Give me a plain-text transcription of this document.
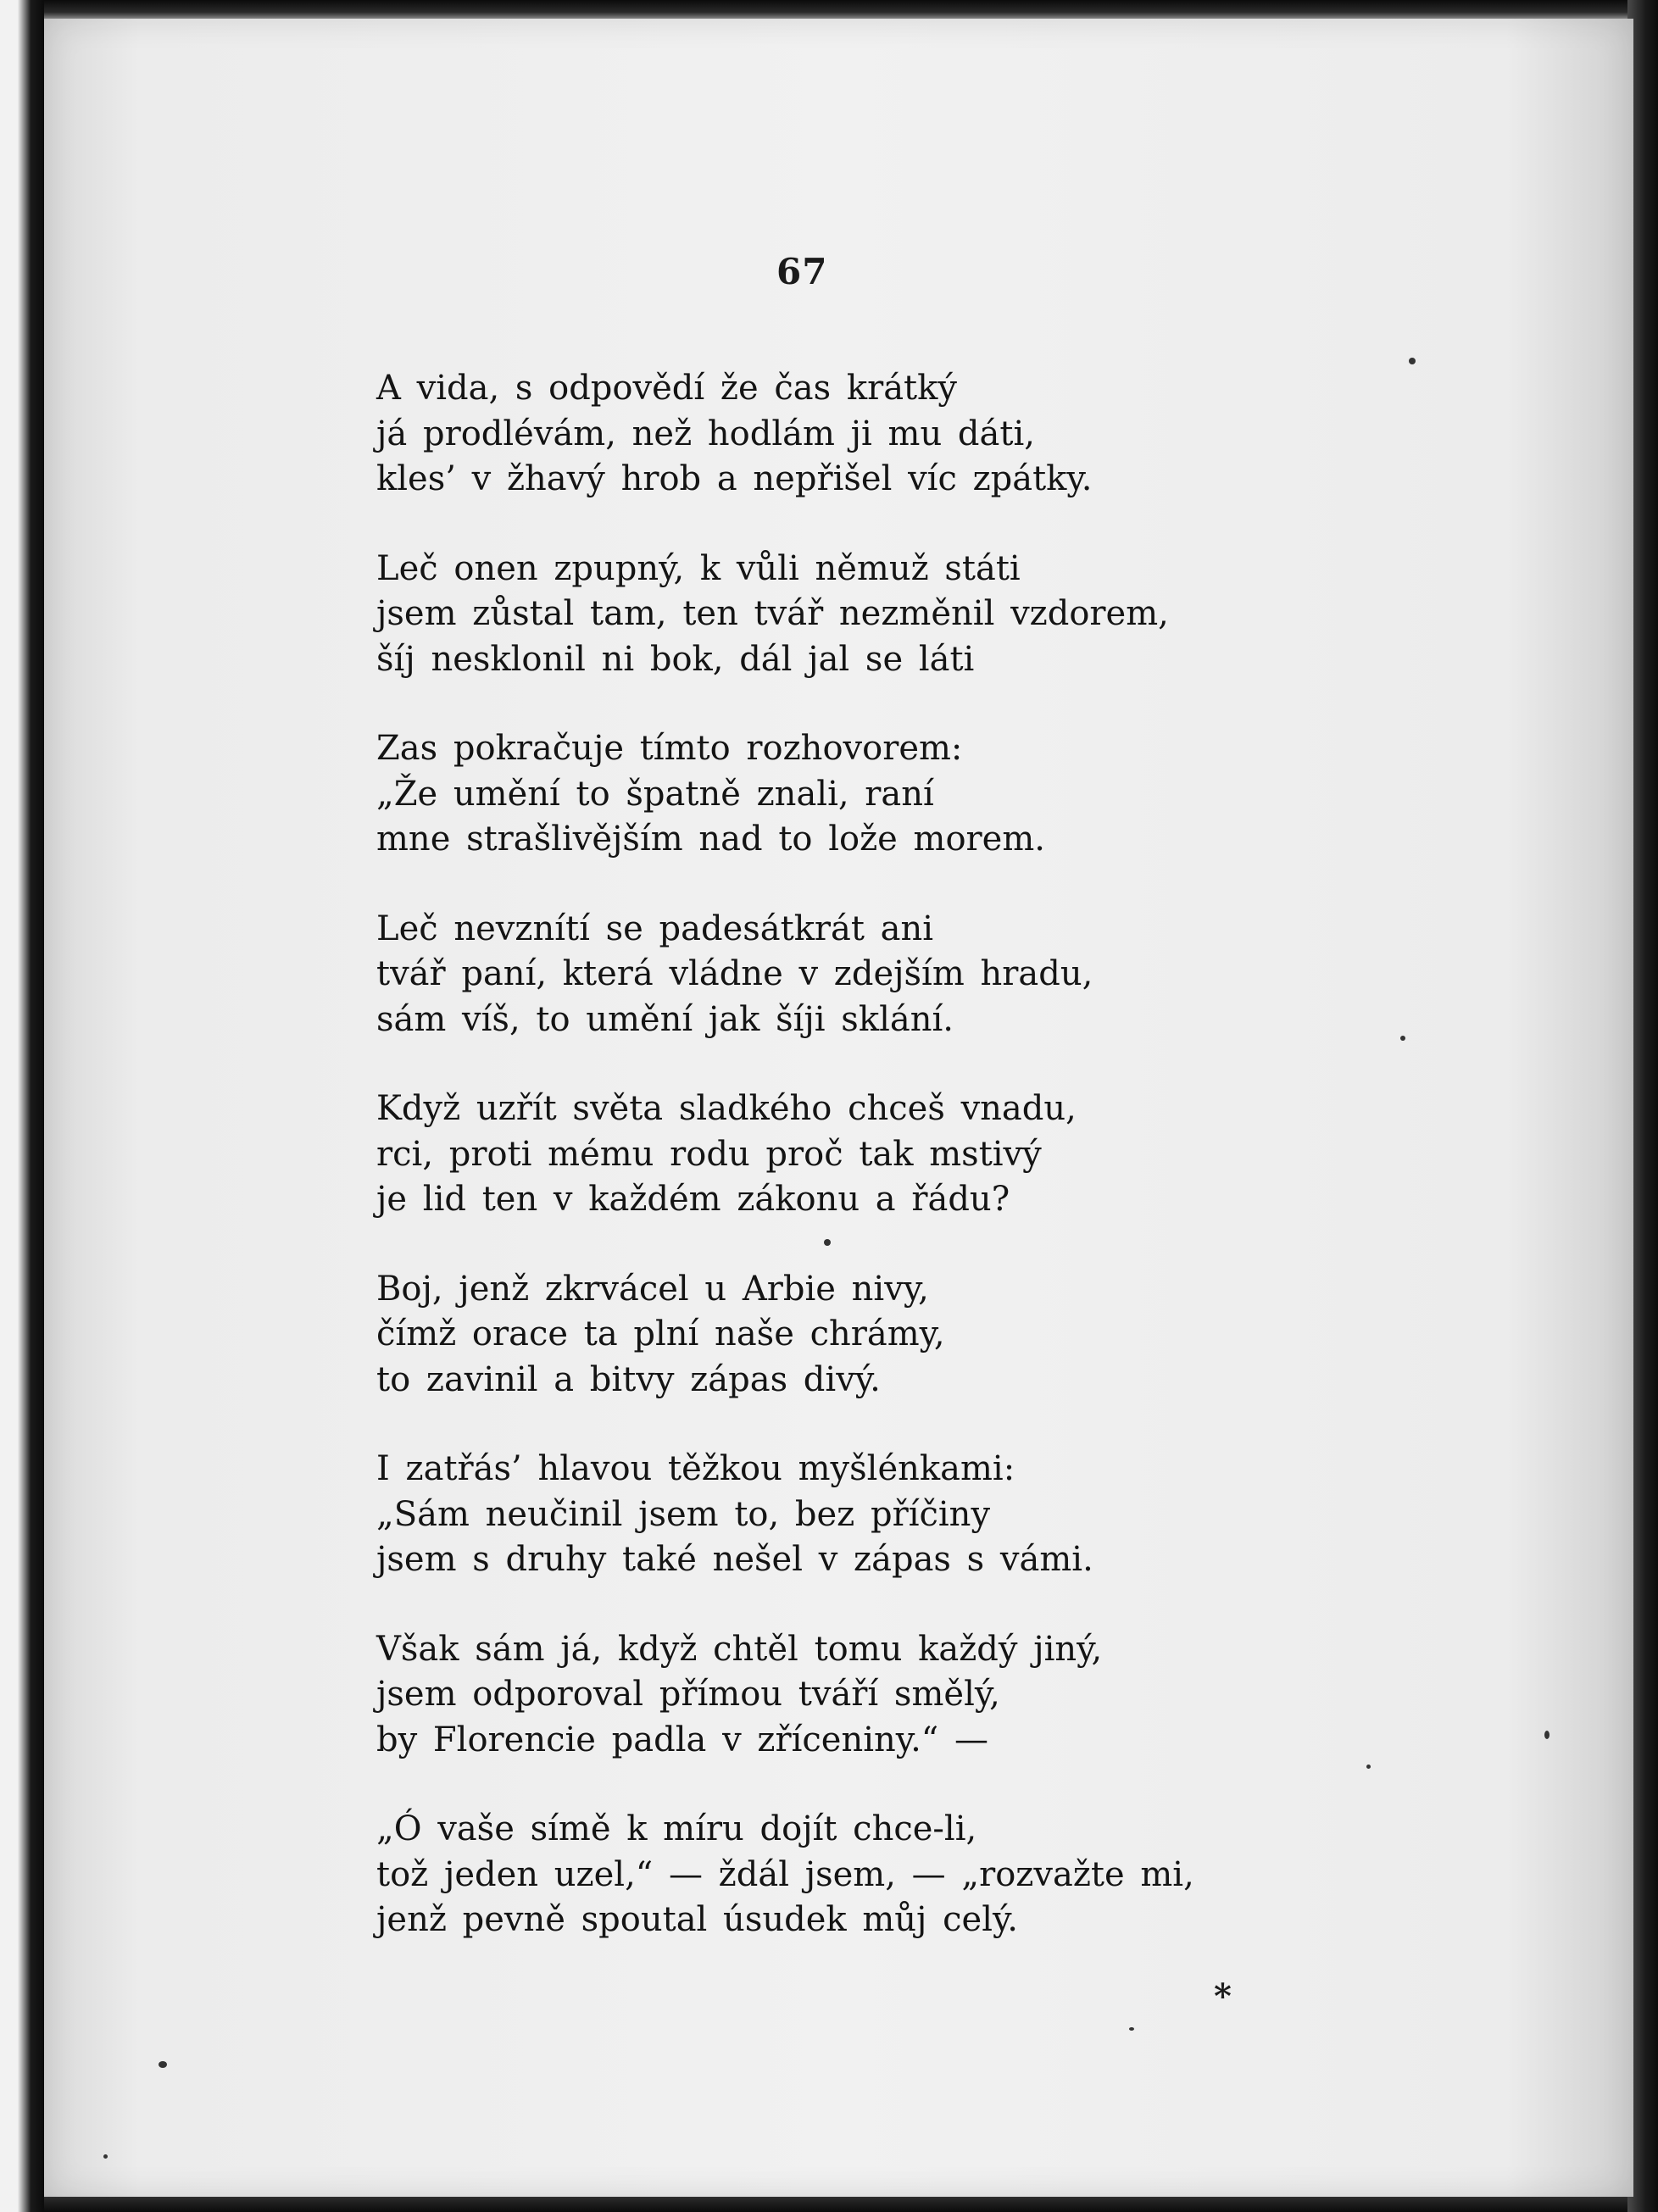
67
A vida, s odpovědí že čas krátký
já prodlévám, než hodlám ji mu dáti,
kles’ v žhavý hrob a nepřišel víc zpátky.
Leč onen zpupný, k vůli němuž státi
jsem zůstal tam, ten tvář nezměnil vzdorem,
šíj nesklonil ni bok, dál jal se láti
Zas pokračuje tímto rozhovorem:
„Že umění to špatně znali, raní
mne strašlivějším nad to lože morem.
Leč nevznítí se padesátkrát ani
tvář paní, která vládne v zdejším hradu,
sám víš, to umění jak šíji sklání.
Když uzřít světa sladkého chceš vnadu,
rci, proti mému rodu proč tak mstivý
je lid ten v každém zákonu a řádu?
Boj, jenž zkrvácel u Arbie nivy,
čímž orace ta plní naše chrámy,
to zavinil a bitvy zápas divý.
I zatřás’ hlavou těžkou myšlénkami:
„Sám neučinil jsem to, bez příčiny
jsem s druhy také nešel v zápas s vámi.
Však sám já, když chtěl tomu každý jiný,
jsem odporoval přímou tváří smělý,
by Florencie padla v zříceniny.“ —
„Ó vaše símě k míru dojít chce-li,
tož jeden uzel,“ — ždál jsem, — „rozvažte mi,
jenž pevně spoutal úsudek můj celý.
*
